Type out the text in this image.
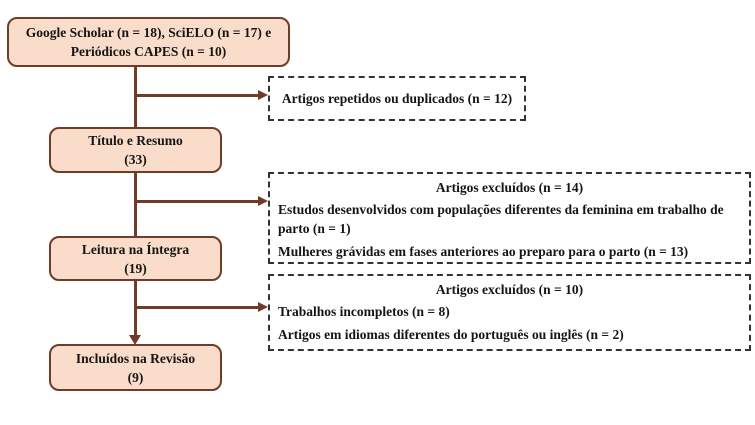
Google Scholar (n = 18), SciELO (n = 17) e
Periódicos CAPES (n = 10)
Título e Resumo
(33)
Leitura na Íntegra
(19)
Incluídos na Revisão
(9)
Artigos repetidos ou duplicados (n = 12)
Artigos excluídos (n = 14)
Estudos desenvolvidos com populações diferentes da feminina em trabalho de parto (n = 1)
Mulheres grávidas em fases anteriores ao preparo para o parto (n = 13)
Artigos excluídos (n = 10)
Trabalhos incompletos (n = 8)
Artigos em idiomas diferentes do português ou inglês (n = 2)
